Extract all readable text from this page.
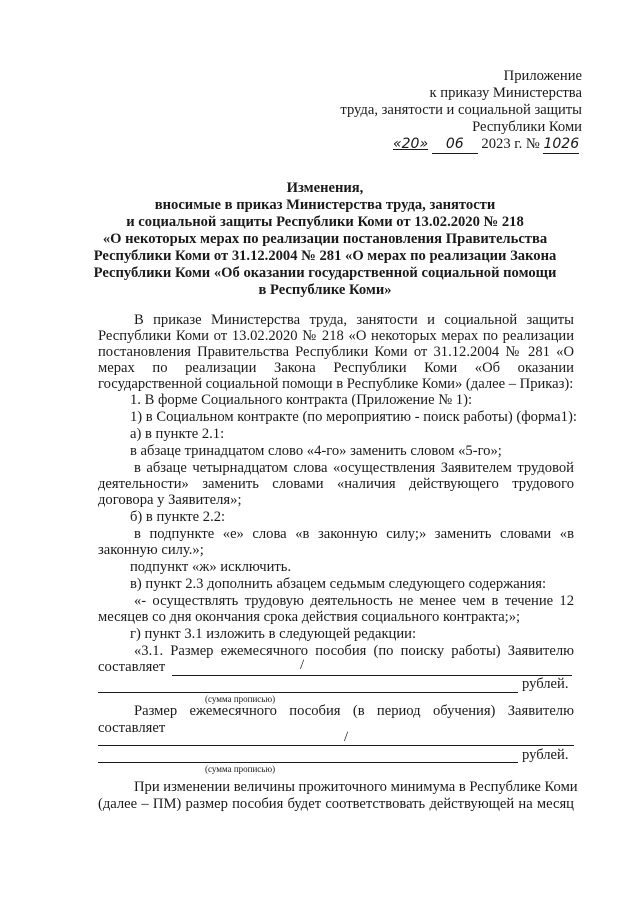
Приложение
к приказу Министерства
труда, занятости и социальной защиты
Республики Коми
«20» 06 2023 г. № 1026
Изменения,
вносимые в приказ Министерства труда, занятости
и социальной защиты Республики Коми от 13.02.2020 № 218
«О некоторых мерах по реализации постановления Правительства
Республики Коми от 31.12.2004 № 281 «О мерах по реализации Закона
Республики Коми «Об оказании государственной социальной помощи
в Республике Коми»
В приказе Министерства труда, занятости и социальной защиты
Республики Коми от 13.02.2020 № 218 «О некоторых мерах по реализации
постановления Правительства Республики Коми от 31.12.2004 № 281 «О
мерах по реализации Закона Республики Коми «Об оказании
государственной социальной помощи в Республике Коми» (далее – Приказ):
1. В форме Социального контракта (Приложение № 1):
1) в Социальном контракте (по мероприятию - поиск работы) (форма1):
а) в пункте 2.1:
в абзаце тринадцатом слово «4-го» заменить словом «5-го»;
в абзаце четырнадцатом слова «осуществления Заявителем трудовой
деятельности» заменить словами «наличия действующего трудового
договора у Заявителя»;
б) в пункте 2.2:
в подпункте «е» слова «в законную силу;» заменить словами «в
законную силу.»;
подпункт «ж» исключить.
в) пункт 2.3 дополнить абзацем седьмым следующего содержания:
«- осуществлять трудовую деятельность не менее чем в течение 12
месяцев со дня окончания срока действия социального контракта;»;
г) пункт 3.1 изложить в следующей редакции:
«3.1. Размер ежемесячного пособия (по поиску работы) Заявителю
составляет	/
рублей.
(сумма прописью)
Размер ежемесячного пособия (в период обучения) Заявителю
составляет
/
рублей.
(сумма прописью)
При изменении величины прожиточного минимума в Республике Коми
(далее – ПМ) размер пособия будет соответствовать действующей на месяц
